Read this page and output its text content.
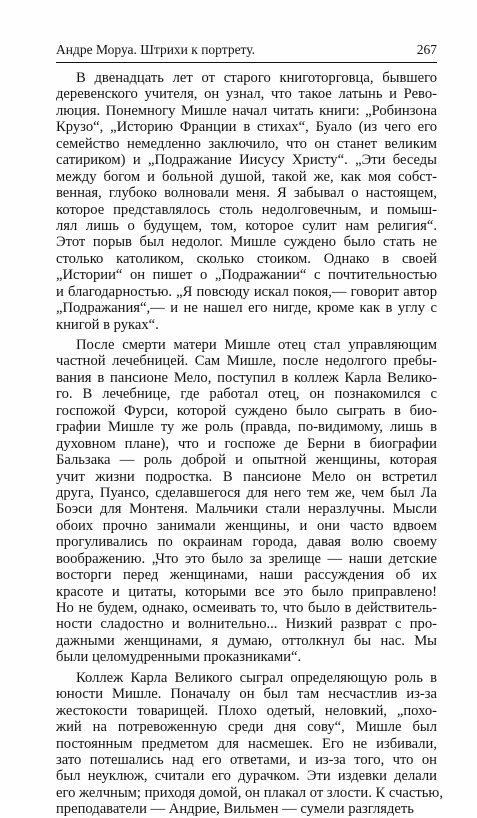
Андре Моруа. Штрихи к портрету.	267
В двенадцать лет от старого книготорговца, бывшего
деревенского учителя, он узнал, что такое латынь и Рево-
люция. Понемногу Мишле начал читать книги: „Робинзона
Крузо“, „Историю Франции в стихах“, Буало (из чего его
семейство немедленно заключило, что он станет великим
сатириком) и „Подражание Иисусу Христу“. „Эти беседы
между богом и больной душой, такой же, как моя собст-
венная, глубоко волновали меня. Я забывал о настоящем,
которое представлялось столь недолговечным, и помыш-
лял лишь о будущем, том, которое сулит нам религия“.
Этот порыв был недолог. Мишле суждено было стать не
столько католиком, сколько стоиком. Однако в своей
„Истории“ он пишет о „Подражании“ с почтительностью
и благодарностью. „Я повсюду искал покоя,— говорит автор
„Подражания“,— и не нашел его нигде, кроме как в углу с
книгой в руках“.
После смерти матери Мишле отец стал управляющим
частной лечебницей. Сам Мишле, после недолгого пребы-
вания в пансионе Мело, поступил в коллеж Карла Велико-
го. В лечебнице, где работал отец, он познакомился с
госпожой Фурси, которой суждено было сыграть в био-
графии Мишле ту же роль (правда, по-видимому, лишь в
духовном плане), что и госпоже де Берни в биографии
Бальзака — роль доброй и опытной женщины, которая
учит жизни подростка. В пансионе Мело он встретил
друга, Пуансо, сделавшегося для него тем же, чем был Ла
Боэси для Монтеня. Мальчики стали неразлучны. Мысли
обоих прочно занимали женщины, и они часто вдвоем
прогуливались по окраинам города, давая волю своему
воображению. „Что это было за зрелище — наши детские
восторги перед женщинами, наши рассуждения об их
красоте и цитаты, которыми все это было приправлено!
Но не будем, однако, осмеивать то, что было в действитель-
ности сладостно и волнительно... Низкий разврат с про-
дажными женщинами, я думаю, оттолкнул бы нас. Мы
были целомудренными проказниками“.
Коллеж Карла Великого сыграл определяющую роль в
юности Мишле. Поначалу он был там несчастлив из-за
жестокости товарищей. Плохо одетый, неловкий, „похо-
жий на потревоженную среди дня сову“, Мишле был
постоянным предметом для насмешек. Его не избивали,
зато потешались над его ответами, и из-за того, что он
был неуклюж, считали его дурачком. Эти издевки делали
его желчным; приходя домой, он плакал от злости. К счастью,
преподаватели — Андрие, Вильмен — сумели разглядеть
